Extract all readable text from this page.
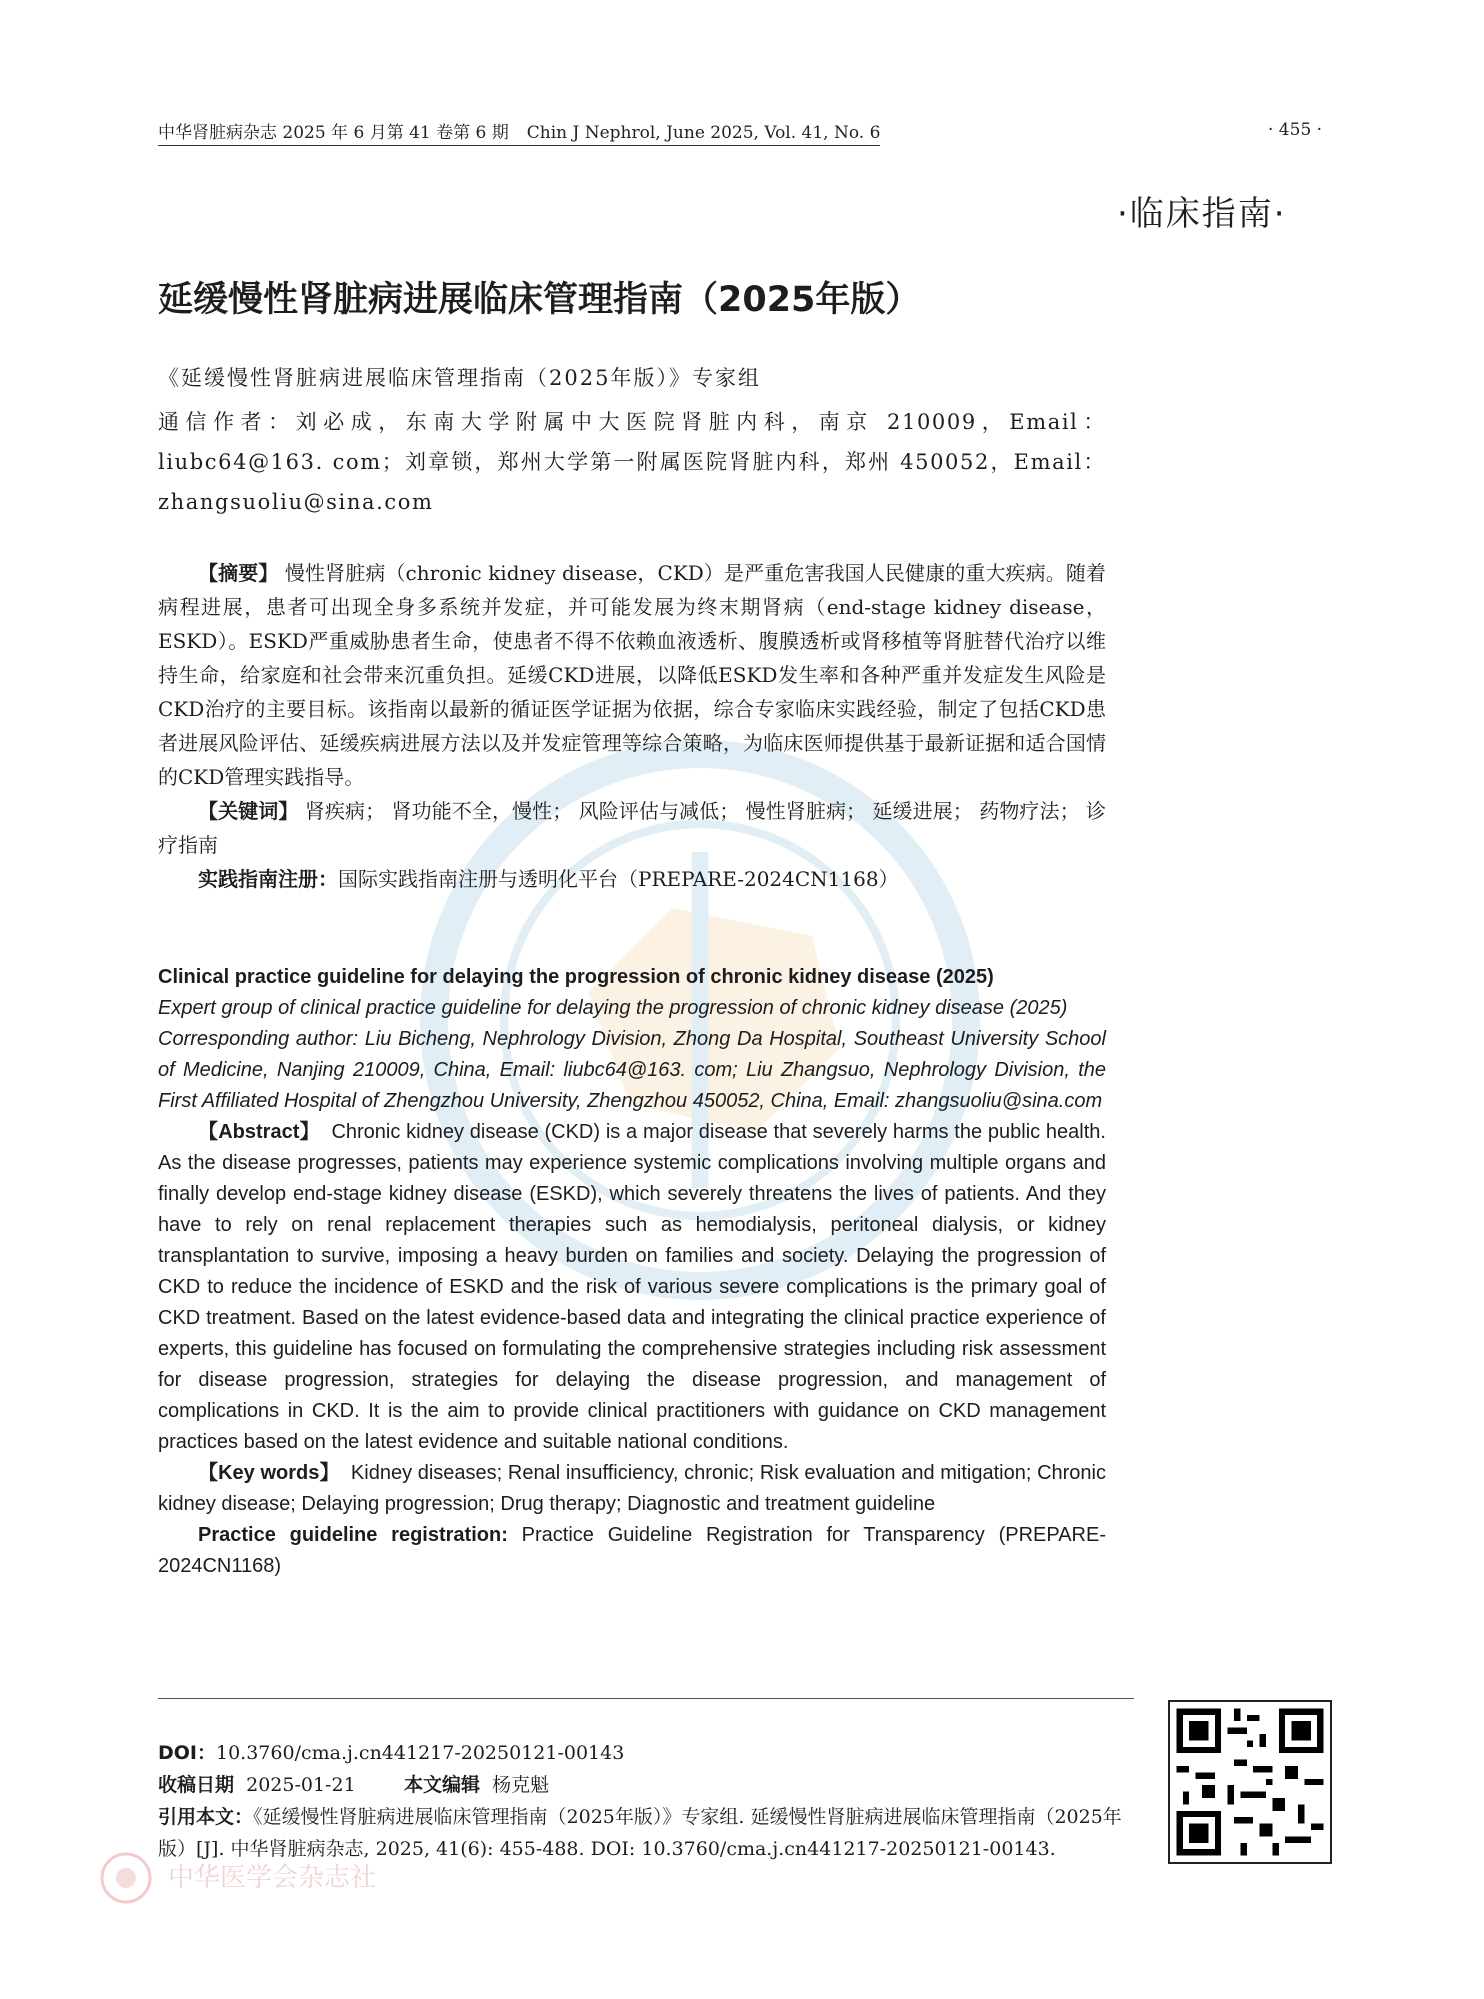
中华肾脏病杂志 2025 年 6 月第 41 卷第 6 期 Chin J Nephrol, June 2025, Vol. 41, No. 6	· 455 ·
·临床指南·
延缓慢性肾脏病进展临床管理指南（2025年版）
《延缓慢性肾脏病进展临床管理指南（2025年版）》专家组
通信作者：刘必成，东南大学附属中大医院肾脏内科，南京 210009，Email：liubc64@163. com；刘章锁，郑州大学第一附属医院肾脏内科，郑州 450052，Email：zhangsuoliu@sina.com

【摘要】 慢性肾脏病（chronic kidney disease，CKD）是严重危害我国人民健康的重大疾病。随着病程进展，患者可出现全身多系统并发症，并可能发展为终末期肾病（end-stage kidney disease，ESKD）。ESKD严重威胁患者生命，使患者不得不依赖血液透析、腹膜透析或肾移植等肾脏替代治疗以维持生命，给家庭和社会带来沉重负担。延缓CKD进展，以降低ESKD发生率和各种严重并发症发生风险是CKD治疗的主要目标。该指南以最新的循证医学证据为依据，综合专家临床实践经验，制定了包括CKD患者进展风险评估、延缓疾病进展方法以及并发症管理等综合策略，为临床医师提供基于最新证据和适合国情的CKD管理实践指导。

【关键词】 肾疾病； 肾功能不全，慢性； 风险评估与减低； 慢性肾脏病； 延缓进展； 药物疗法； 诊疗指南

实践指南注册：国际实践指南注册与透明化平台（PREPARE-2024CN1168）

Clinical practice guideline for delaying the progression of chronic kidney disease (2025)

Expert group of clinical practice guideline for delaying the progression of chronic kidney disease (2025)

Corresponding author: Liu Bicheng, Nephrology Division, Zhong Da Hospital, Southeast University School of Medicine, Nanjing 210009, China, Email: liubc64@163. com; Liu Zhangsuo, Nephrology Division, the First Affiliated Hospital of Zhengzhou University, Zhengzhou 450052, China, Email: zhangsuoliu@sina.com

【Abstract】 Chronic kidney disease (CKD) is a major disease that severely harms the public health. As the disease progresses, patients may experience systemic complications involving multiple organs and finally develop end-stage kidney disease (ESKD), which severely threatens the lives of patients. And they have to rely on renal replacement therapies such as hemodialysis, peritoneal dialysis, or kidney transplantation to survive, imposing a heavy burden on families and society. Delaying the progression of CKD to reduce the incidence of ESKD and the risk of various severe complications is the primary goal of CKD treatment. Based on the latest evidence-based data and integrating the clinical practice experience of experts, this guideline has focused on formulating the comprehensive strategies including risk assessment for disease progression, strategies for delaying the disease progression, and management of complications in CKD. It is the aim to provide clinical practitioners with guidance on CKD management practices based on the latest evidence and suitable national conditions.

【Key words】 Kidney diseases; Renal insufficiency, chronic; Risk evaluation and mitigation; Chronic kidney disease; Delaying progression; Drug therapy; Diagnostic and treatment guideline

Practice guideline registration: Practice Guideline Registration for Transparency (PREPARE-2024CN1168)

DOI：10.3760/cma.j.cn441217-20250121-00143

收稿日期 2025-01-21	本文编辑 杨克魁

引用本文：《延缓慢性肾脏病进展临床管理指南（2025年版）》专家组. 延缓慢性肾脏病进展临床管理指南（2025年版）[J]. 中华肾脏病杂志, 2025, 41(6): 455-488. DOI: 10.3760/cma.j.cn441217-20250121-00143.

中华医学会杂志社
